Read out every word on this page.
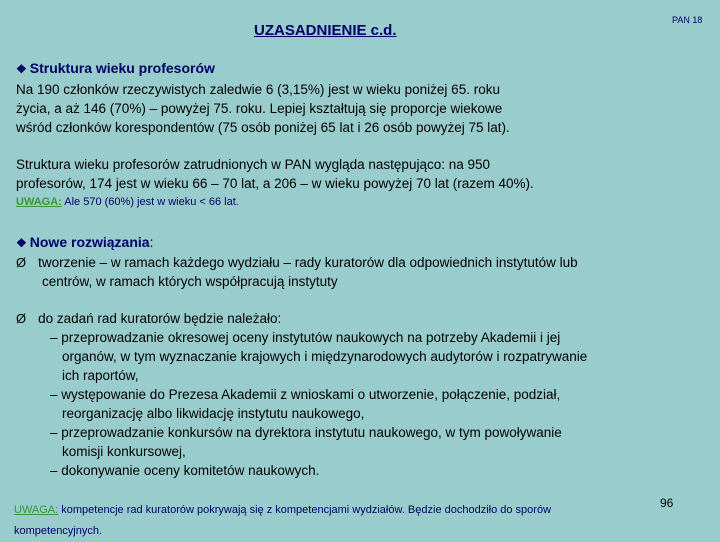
UZASADNIENIE c.d.
PAN 18
❖ Struktura wieku profesorów
Na 190 członków rzeczywistych zaledwie 6 (3,15%) jest w wieku poniżej 65. roku
życia, a aż 146 (70%) – powyżej 75. roku. Lepiej kształtują się proporcje wiekowe
wśród członków korespondentów (75 osób poniżej 65 lat i 26 osób powyżej 75 lat).
Struktura wieku profesorów zatrudnionych w PAN wygląda następująco: na 950
profesorów, 174 jest w wieku 66 – 70 lat, a 206 – w wieku powyżej 70 lat (razem 40%).
UWAGA: Ale 570 (60%) jest w wieku < 66 lat.
❖ Nowe rozwiązania:
Ø tworzenie – w ramach każdego wydziału – rady kuratorów dla odpowiednich instytutów lub
centrów, w ramach których współpracują instytuty
Ø do zadań rad kuratorów będzie należało:
– przeprowadzanie okresowej oceny instytutów naukowych na potrzeby Akademii i jej
organów, w tym wyznaczanie krajowych i międzynarodowych audytorów i rozpatrywanie
ich raportów,
– występowanie do Prezesa Akademii z wnioskami o utworzenie, połączenie, podział,
reorganizację albo likwidację instytutu naukowego,
– przeprowadzanie konkursów na dyrektora instytutu naukowego, w tym powoływanie
komisji konkursowej,
– dokonywanie oceny komitetów naukowych.
UWAGA: kompetencje rad kuratorów pokrywają się z kompetencjami wydziałów. Będzie dochodziło do sporów
kompetencyjnych.
96
